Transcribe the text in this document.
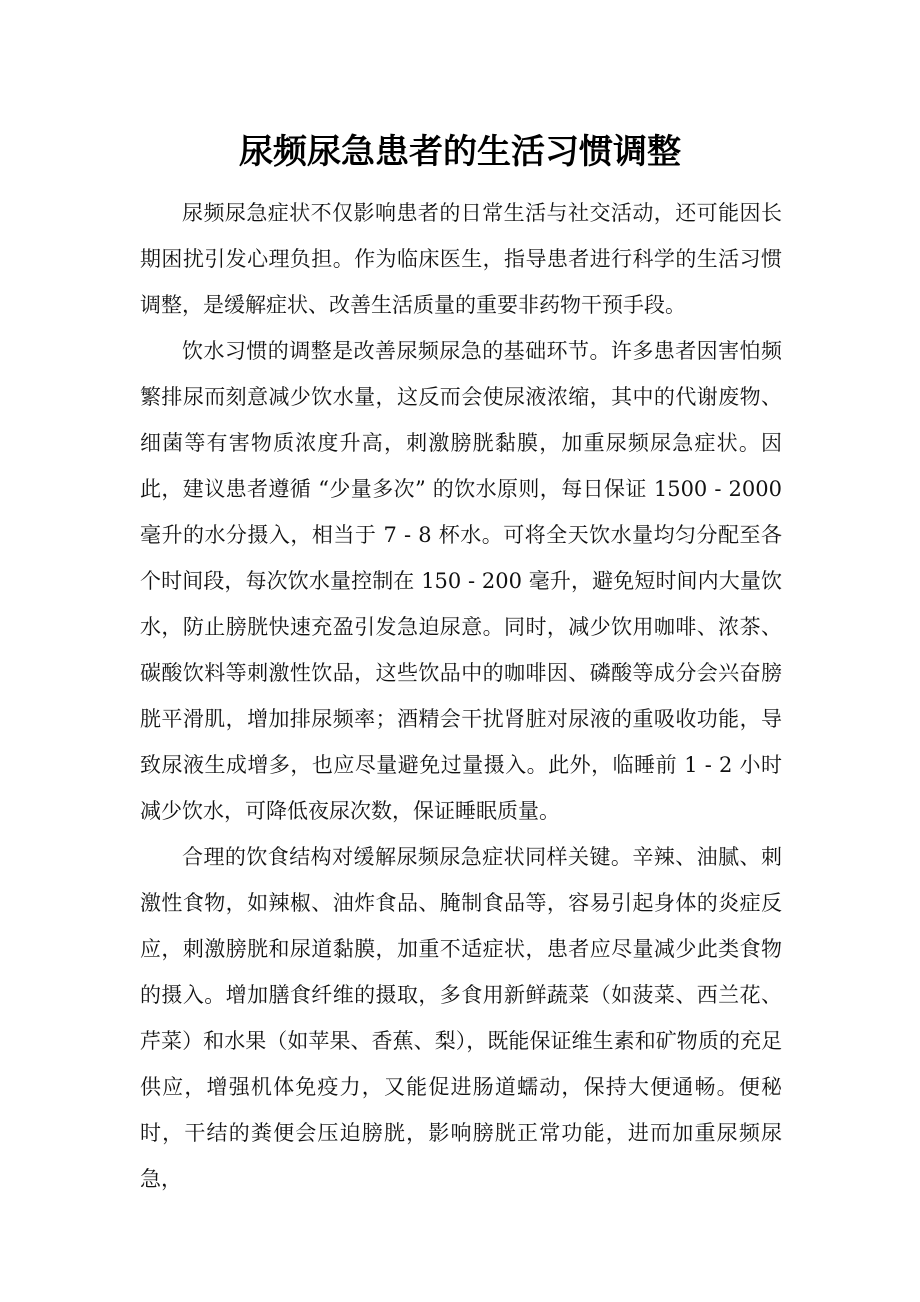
尿频尿急患者的生活习惯调整

尿频尿急症状不仅影响患者的日常生活与社交活动，还可能因长期困扰引发心理负担。作为临床医生，指导患者进行科学的生活习惯调整，是缓解症状、改善生活质量的重要非药物干预手段。

饮水习惯的调整是改善尿频尿急的基础环节。许多患者因害怕频繁排尿而刻意减少饮水量，这反而会使尿液浓缩，其中的代谢废物、细菌等有害物质浓度升高，刺激膀胱黏膜，加重尿频尿急症状。因此，建议患者遵循 “少量多次” 的饮水原则，每日保证 1500 - 2000 毫升的水分摄入，相当于 7 - 8 杯水。可将全天饮水量均匀分配至各个时间段，每次饮水量控制在 150 - 200 毫升，避免短时间内大量饮水，防止膀胱快速充盈引发急迫尿意。同时，减少饮用咖啡、浓茶、碳酸饮料等刺激性饮品，这些饮品中的咖啡因、磷酸等成分会兴奋膀胱平滑肌，增加排尿频率；酒精会干扰肾脏对尿液的重吸收功能，导致尿液生成增多，也应尽量避免过量摄入。此外，临睡前 1 - 2 小时减少饮水，可降低夜尿次数，保证睡眠质量。

合理的饮食结构对缓解尿频尿急症状同样关键。辛辣、油腻、刺激性食物，如辣椒、油炸食品、腌制食品等，容易引起身体的炎症反应，刺激膀胱和尿道黏膜，加重不适症状，患者应尽量减少此类食物的摄入。增加膳食纤维的摄取，多食用新鲜蔬菜（如菠菜、西兰花、芹菜）和水果（如苹果、香蕉、梨），既能保证维生素和矿物质的充足供应，增强机体免疫力，又能促进肠道蠕动，保持大便通畅。便秘时，干结的粪便会压迫膀胱，影响膀胱正常功能，进而加重尿频尿急，
